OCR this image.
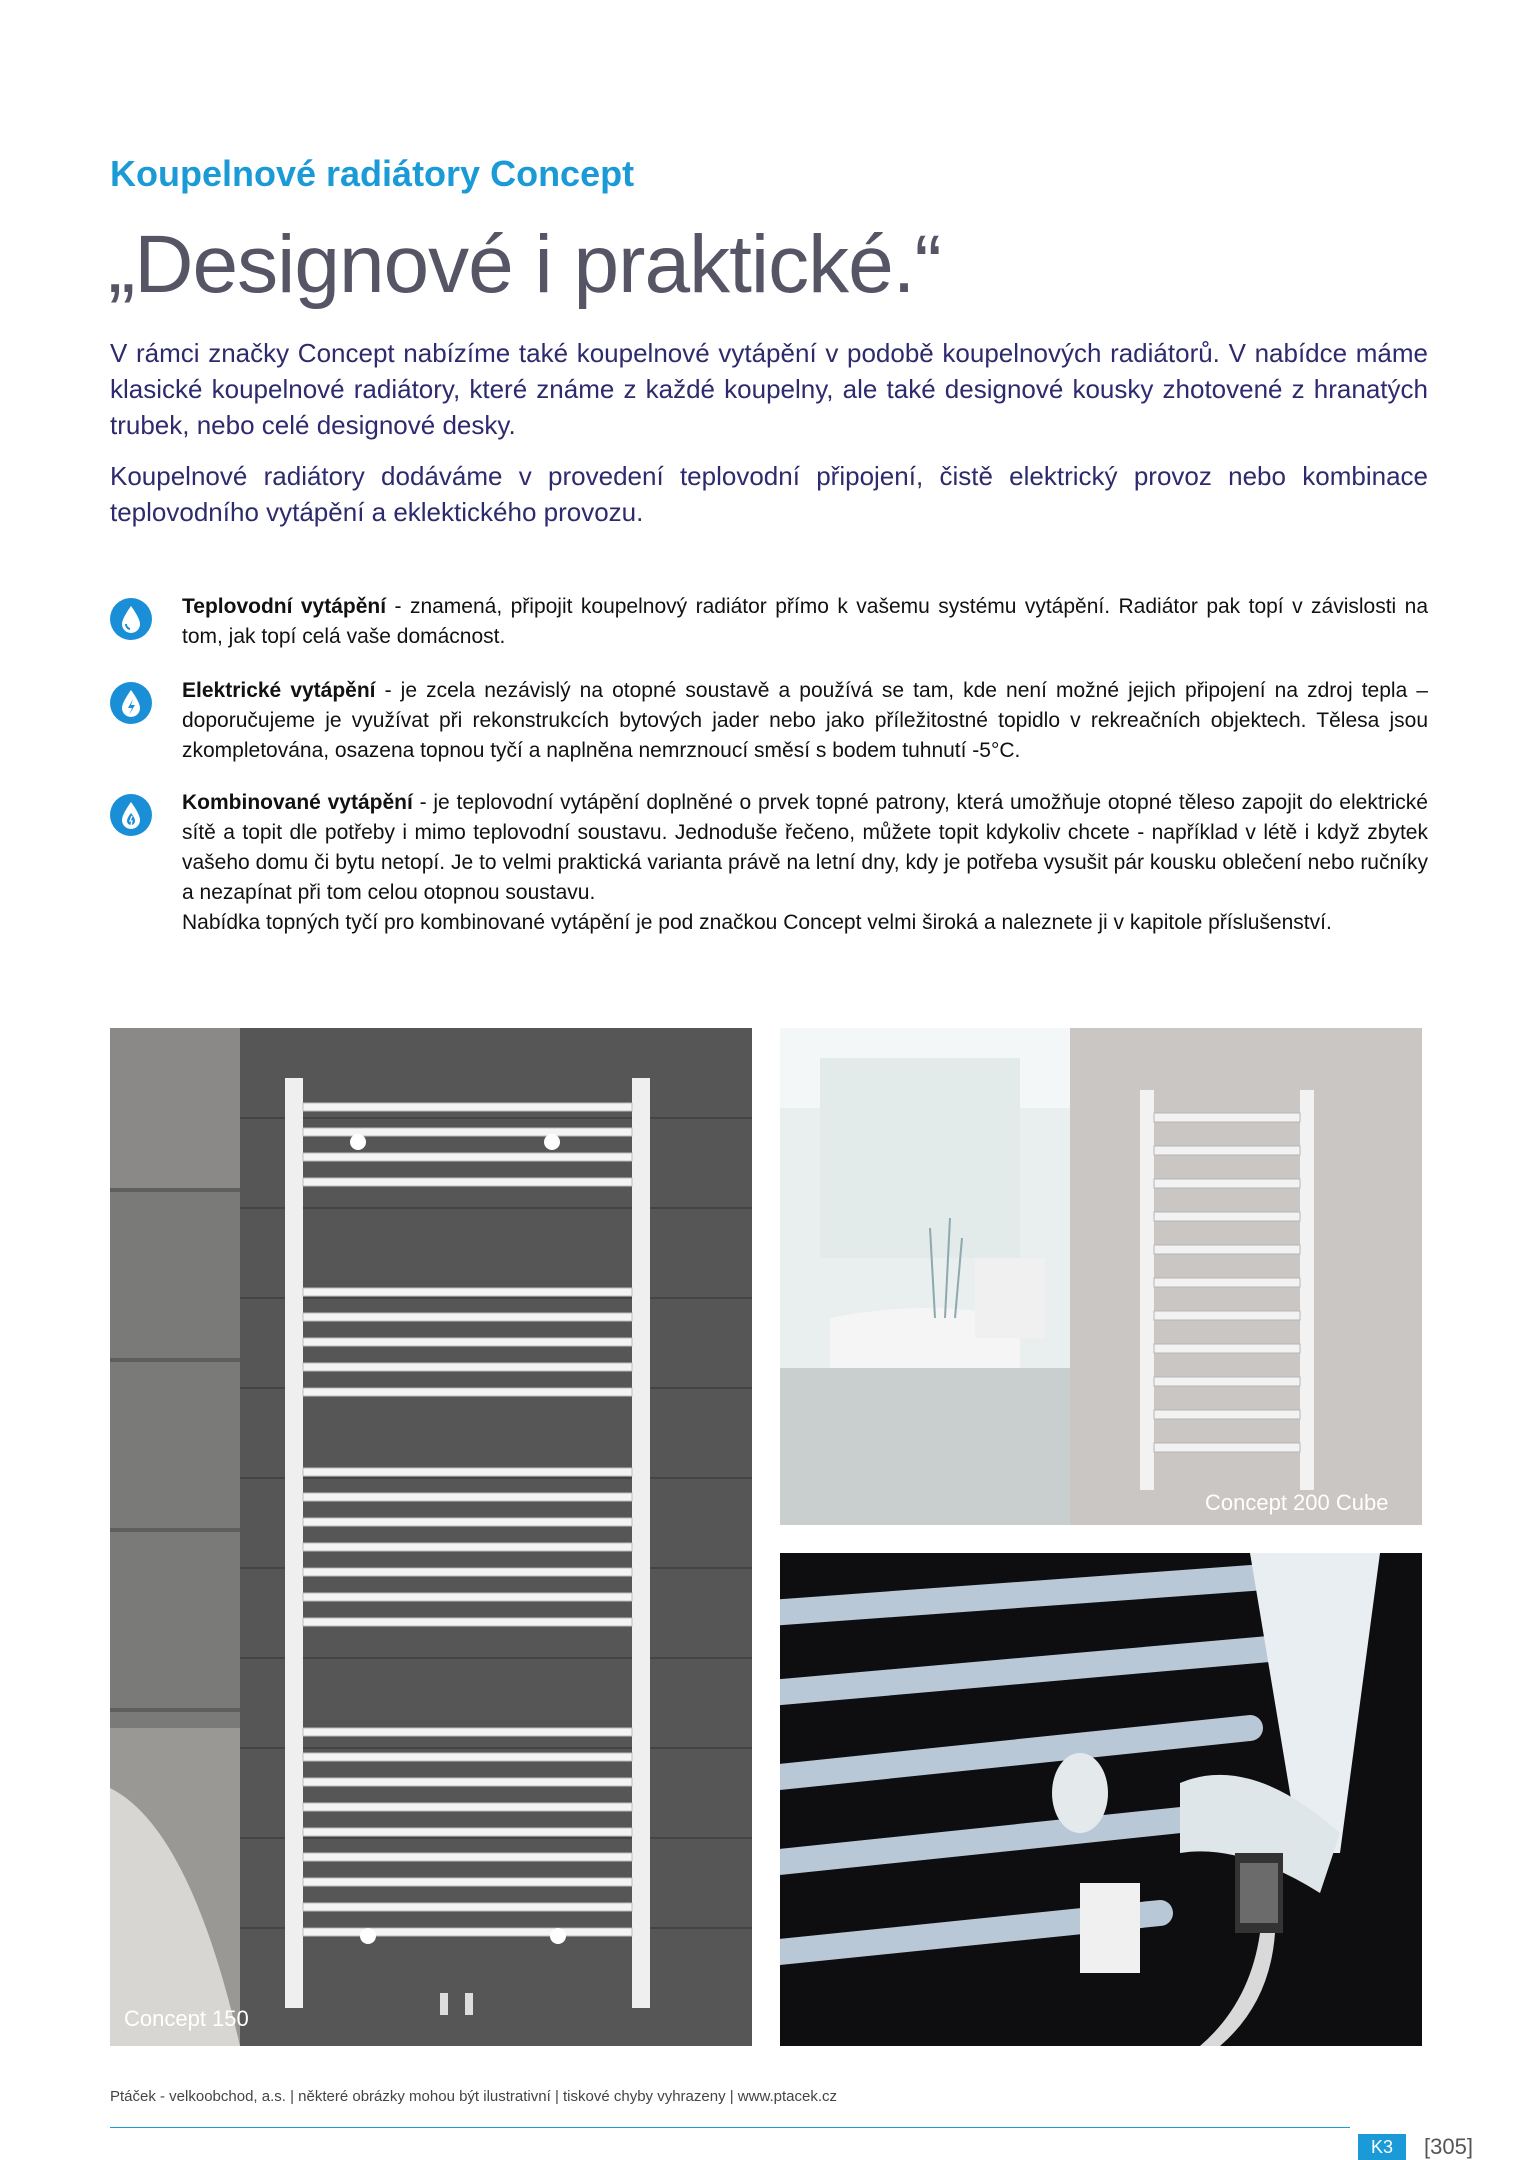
Koupelnové radiátory Concept
„Designové i praktické.“

V rámci značky Concept nabízíme také koupelnové vytápění v podobě koupelnových radiátorů. V nabídce máme klasické koupelnové radiátory, které známe z každé koupelny, ale také designové kousky zhotovené z hranatých trubek, nebo celé designové desky.

Koupelnové radiátory dodáváme v provedení teplovodní připojení, čistě elektrický provoz nebo kombinace teplovodního vytápění a eklektického provozu.

Teplovodní vytápění - znamená, připojit koupelnový radiátor přímo k vašemu systému vytápění. Radiátor pak topí v závislosti na tom, jak topí celá vaše domácnost.
Elektrické vytápění - je zcela nezávislý na otopné soustavě a používá se tam, kde není možné jejich připojení na zdroj tepla – doporučujeme je využívat při rekonstrukcích bytových jader nebo jako příležitostné topidlo v rekreačních objektech. Tělesa jsou zkompletována, osazena topnou tyčí a naplněna nemrznoucí směsí s bodem tuhnutí -5°C.
Kombinované vytápění - je teplovodní vytápění doplněné o prvek topné patrony, která umožňuje otopné těleso zapojit do elektrické sítě a topit dle potřeby i mimo teplovodní soustavu. Jednoduše řečeno, můžete topit kdykoliv chcete - například v létě i když zbytek vašeho domu či bytu netopí. Je to velmi praktická varianta právě na letní dny, kdy je potřeba vysušit pár kousku oblečení nebo ručníky a nezapínat při tom celou otopnou soustavu.
Nabídka topných tyčí pro kombinované vytápění je pod značkou Concept velmi široká a naleznete ji v kapitole příslušenství.
Concept 150
Concept 200 Cube
Ptáček - velkoobchod, a.s. | některé obrázky mohou být ilustrativní | tiskové chyby vyhrazeny | www.ptacek.cz
K3	[305]
